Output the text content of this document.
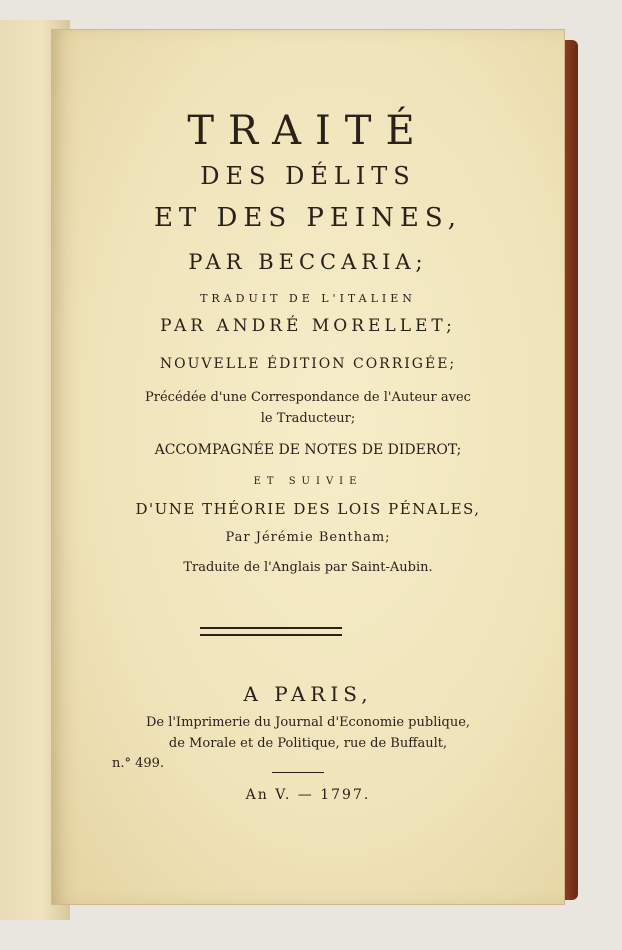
TRAITÉ
DES DÉLITS
ET DES PEINES,
PAR BECCARIA;
TRADUIT DE L'ITALIEN
PAR ANDRÉ MORELLET;
NOUVELLE ÉDITION CORRIGÉE;
Précédée d'une Correspondance de l'Auteur avec
le Traducteur;
ACCOMPAGNÉE DE NOTES DE DIDEROT;
ET SUIVIE
D'UNE THÉORIE DES LOIS PÉNALES,
Par Jérémie Bentham;
Traduite de l'Anglais par Saint-Aubin.
A PARIS,
De l'Imprimerie du Journal d'Economie publique,
de Morale et de Politique, rue de Buffault,
n.° 499.
An V. — 1797.
